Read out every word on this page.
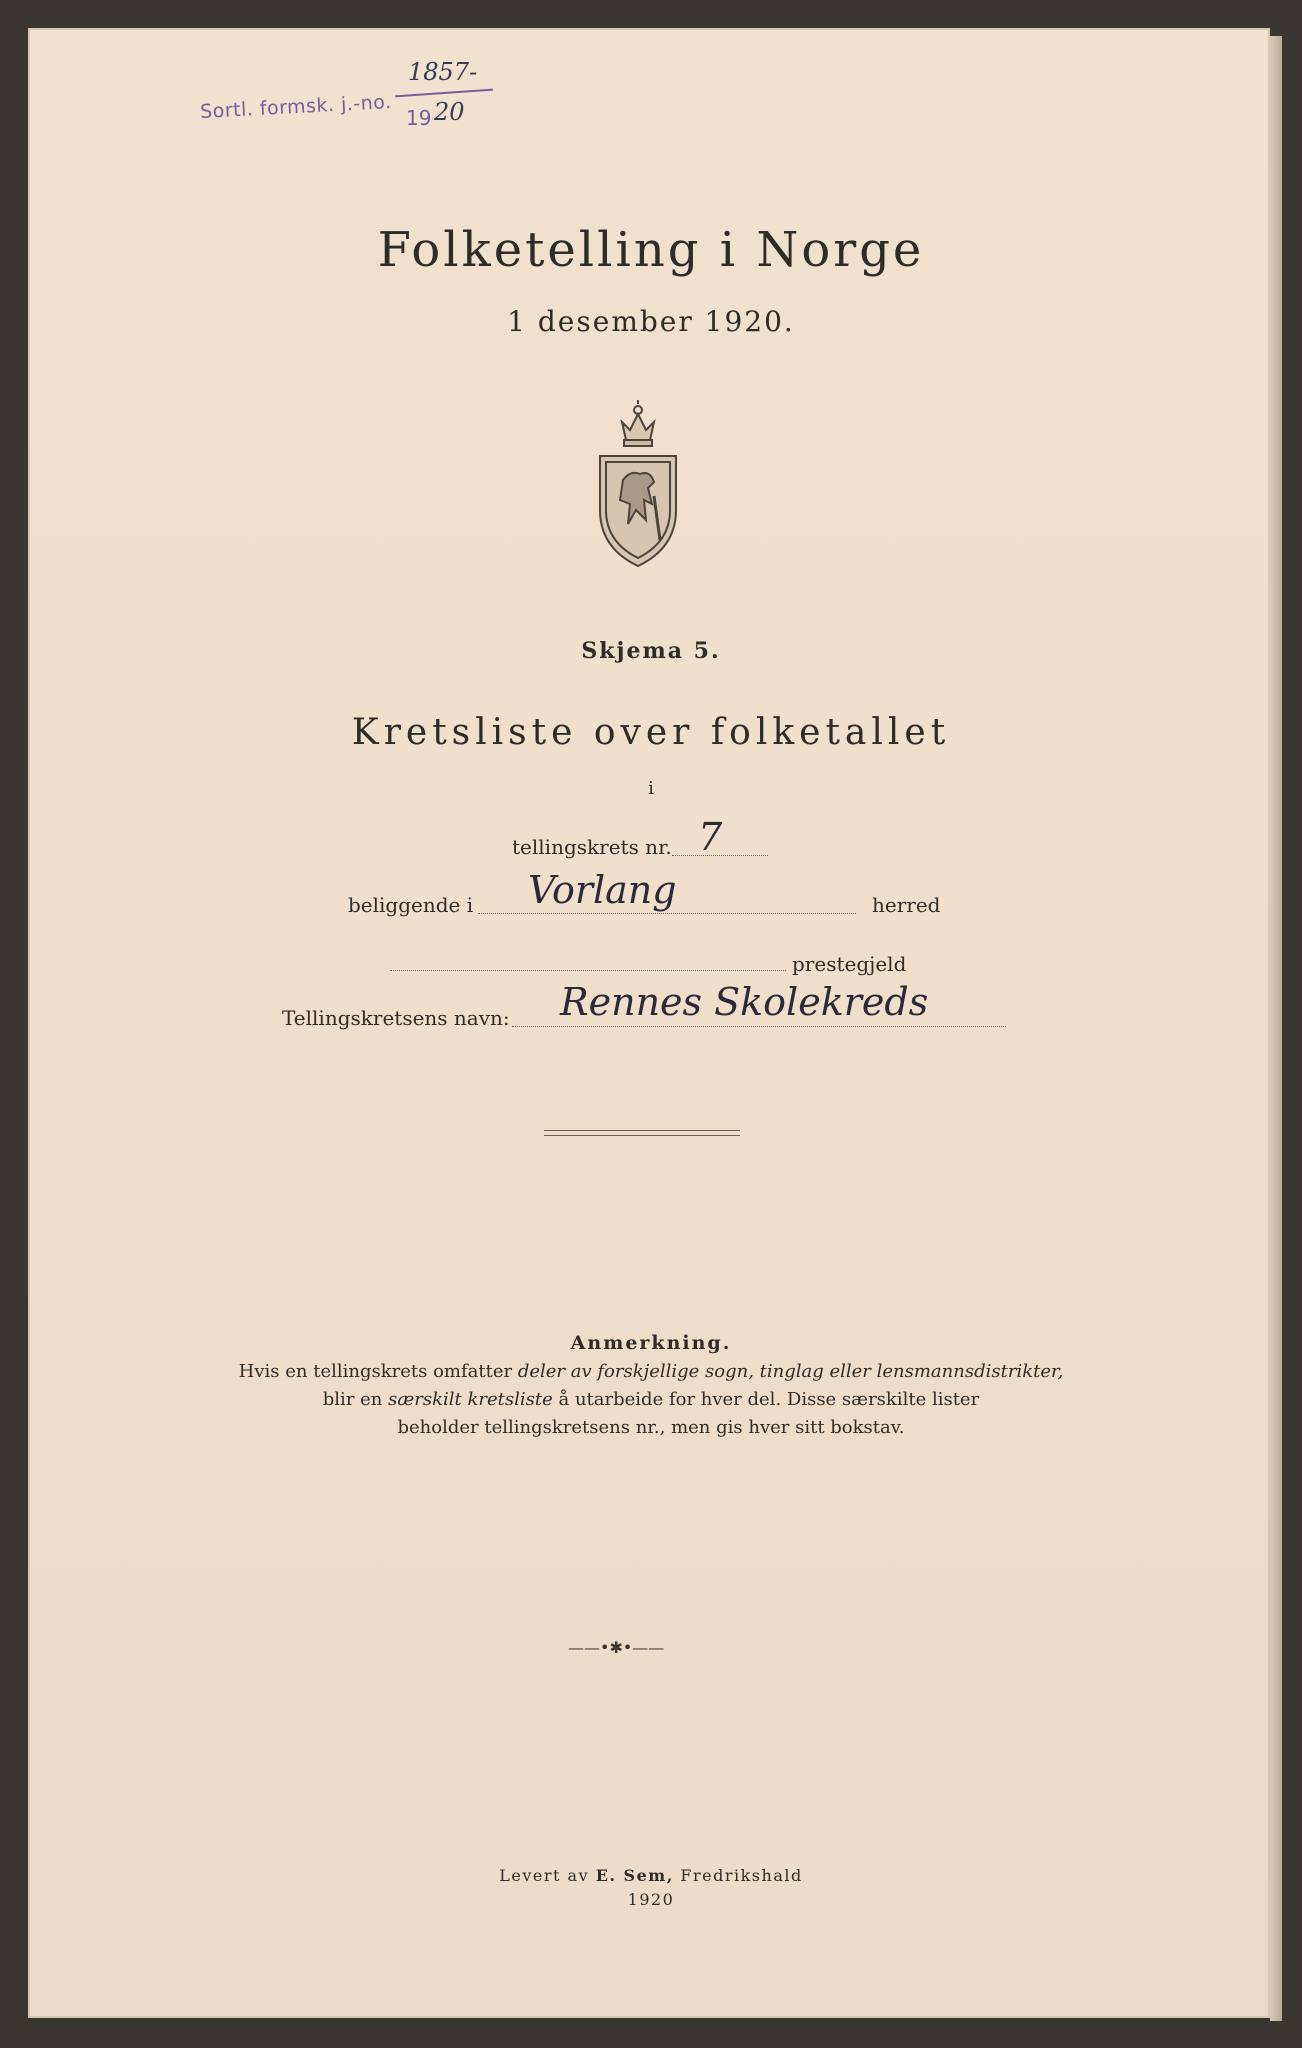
Sortl. formsk. j.-no.
1857-
19 20
Folketelling i Norge
1 desember 1920.
Skjema 5.
Kretsliste over folketallet
i
tellingskrets nr. 7
beliggende i Vorlang	herred
prestegjeld
Tellingskretsens navn: Rennes Skolekreds
Anmerkning.
Hvis en tellingskrets omfatter deler av forskjellige sogn, tinglag eller lensmannsdistrikter,
blir en særskilt kretsliste å utarbeide for hver del. Disse særskilte lister
beholder tellingskretsens nr., men gis hver sitt bokstav.
——•✱•——
Levert av E. Sem, Fredrikshald
1920
